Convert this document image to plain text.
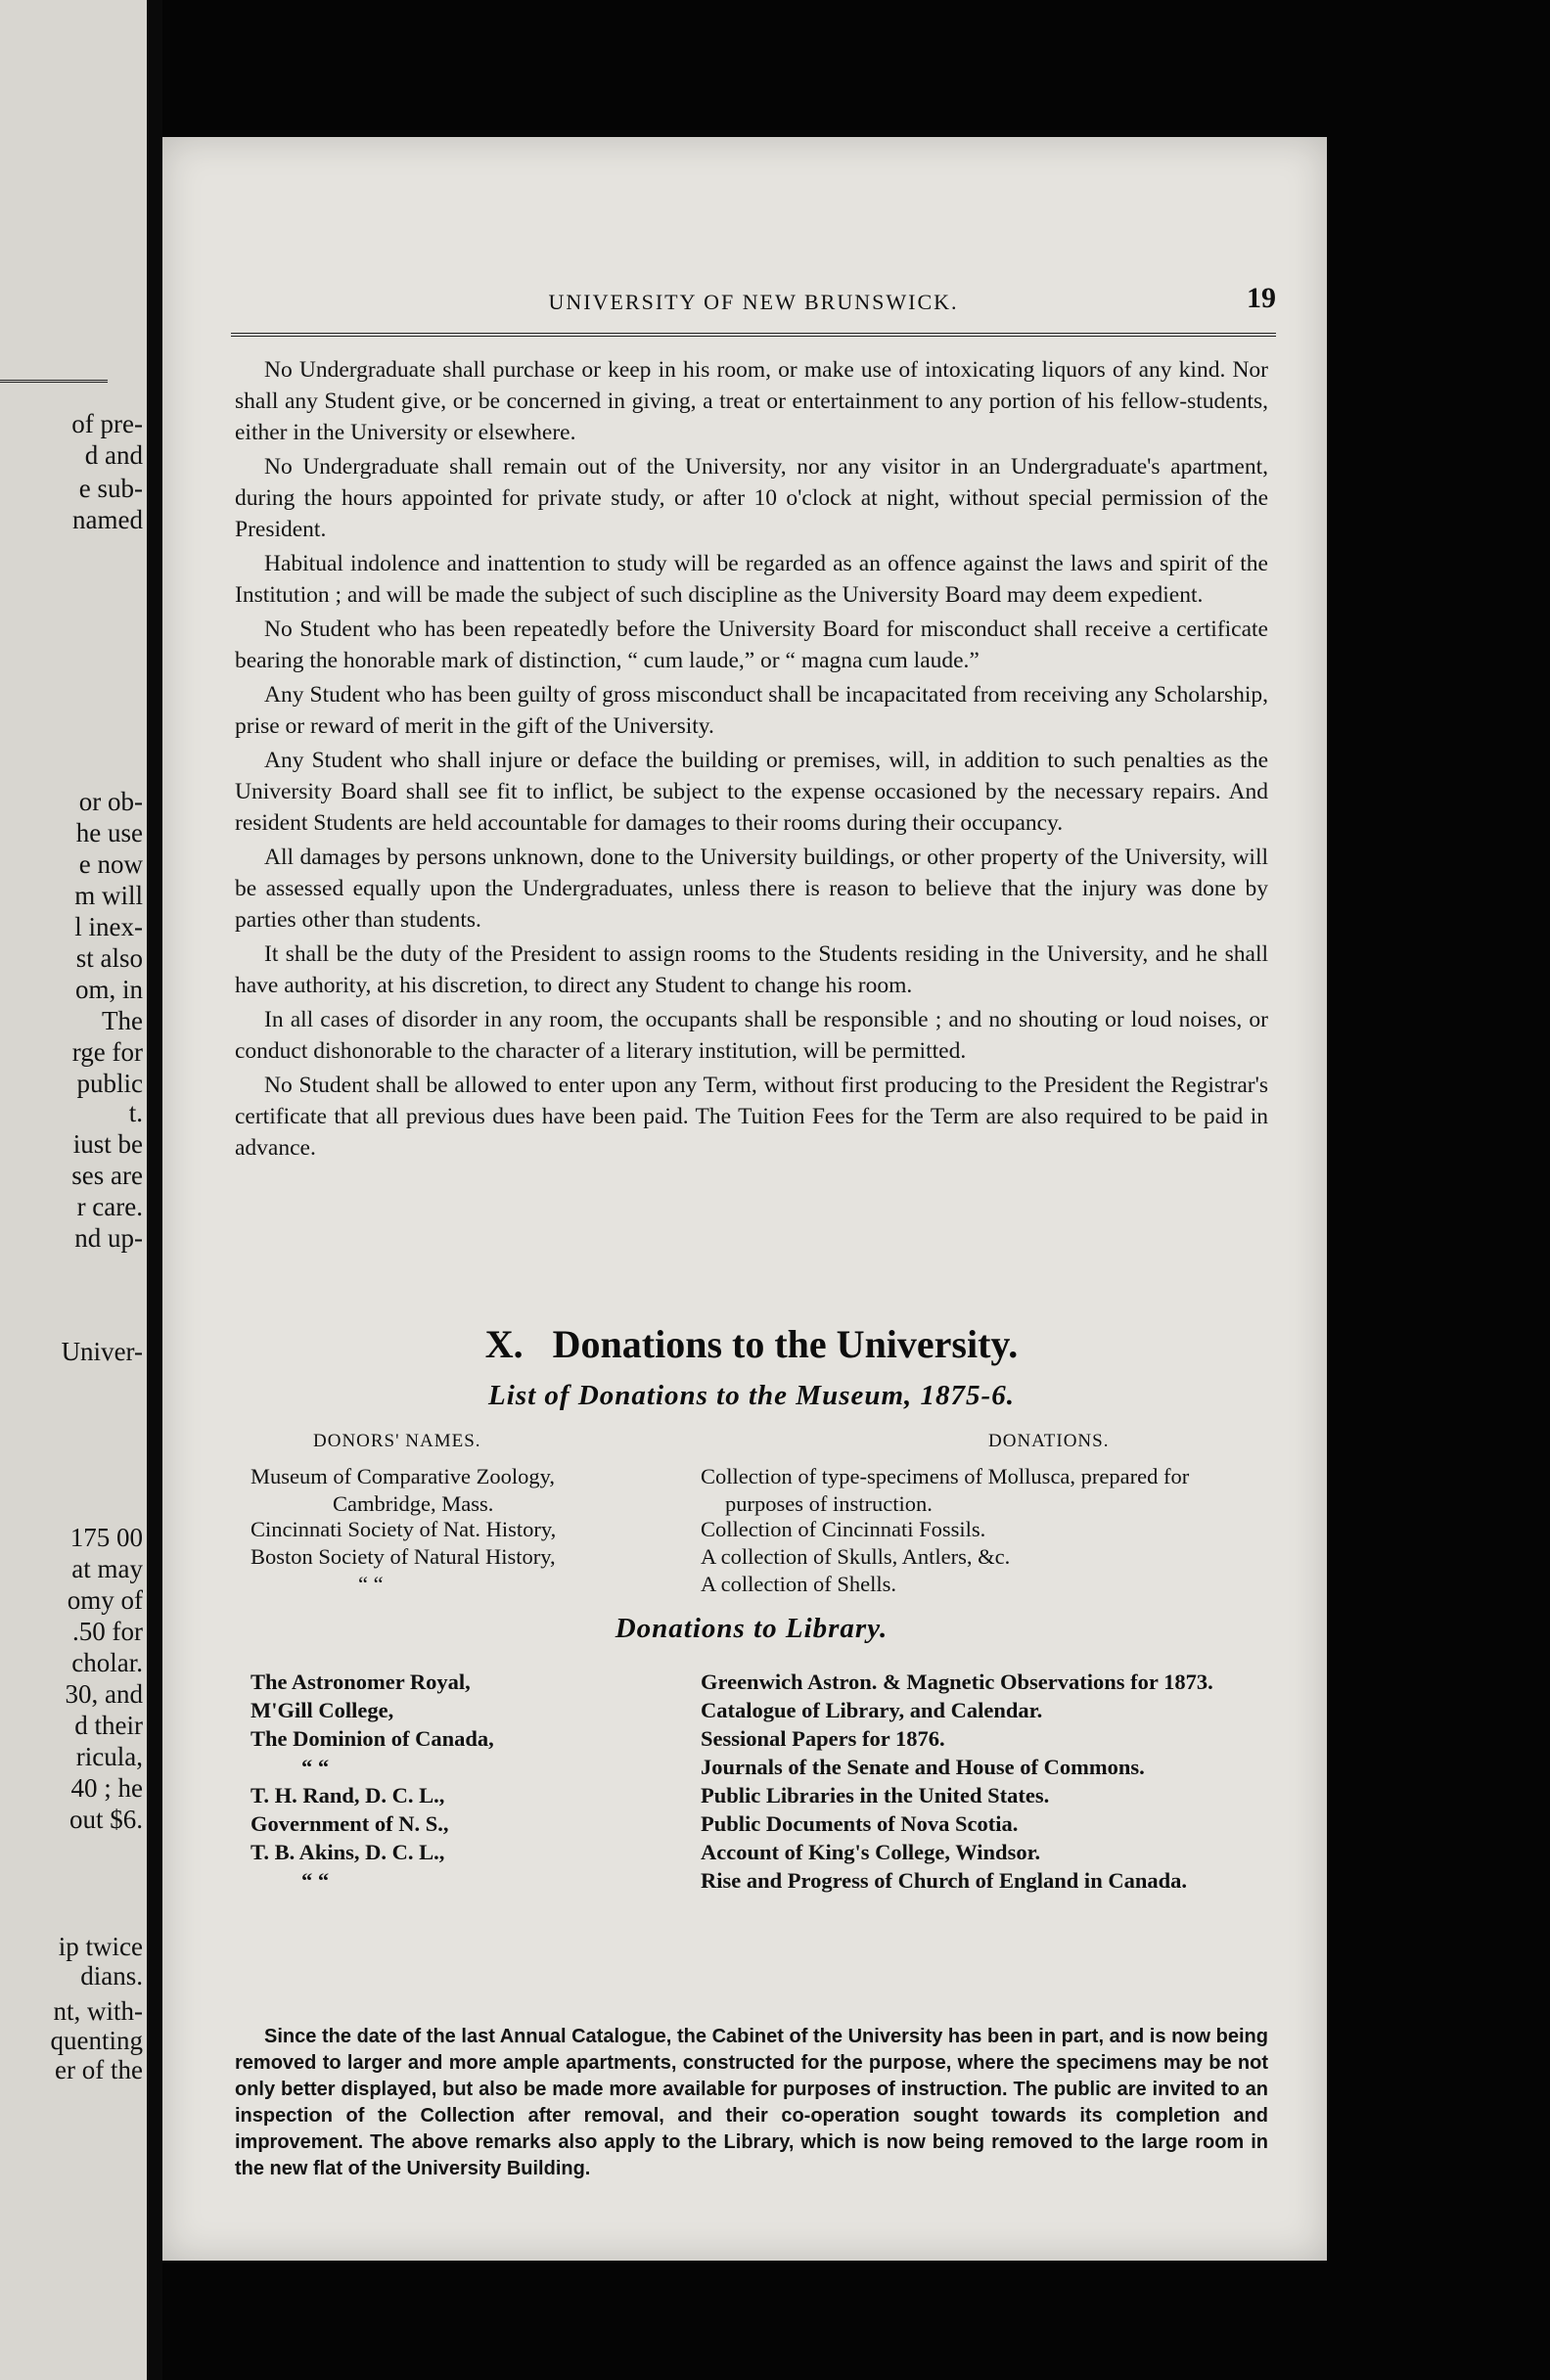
of pre-
d and
e sub-
named
or ob-
he use
e now
m will
l inex-
st also
om, in
The
rge for
public
t.
iust be
ses are
r care.
nd up-
Univer-
175 00
at may
omy of
.50 for
cholar.
30, and
d their
ricula,
40 ; he
out $6.
ip twice
dians.
nt, with-
quenting
er of the
UNIVERSITY OF NEW BRUNSWICK.	19

No Undergraduate shall purchase or keep in his room, or make use of intoxicating liquors of any kind. Nor shall any Student give, or be concerned in giving, a treat or entertainment to any portion of his fellow-students, either in the University or elsewhere.

No Undergraduate shall remain out of the University, nor any visitor in an Undergraduate's apartment, during the hours appointed for private study, or after 10 o'clock at night, without special permission of the President.

Habitual indolence and inattention to study will be regarded as an offence against the laws and spirit of the Institution ; and will be made the subject of such discipline as the University Board may deem expedient.

No Student who has been repeatedly before the University Board for misconduct shall receive a certificate bearing the honorable mark of distinction, “ cum laude,” or “ magna cum laude.”

Any Student who has been guilty of gross misconduct shall be incapacitated from receiving any Scholarship, prise or reward of merit in the gift of the University.

Any Student who shall injure or deface the building or premises, will, in addition to such penalties as the University Board shall see fit to inflict, be subject to the expense occasioned by the necessary repairs. And resident Students are held accountable for damages to their rooms during their occupancy.

All damages by persons unknown, done to the University buildings, or other property of the University, will be assessed equally upon the Undergraduates, unless there is reason to believe that the injury was done by parties other than students.

It shall be the duty of the President to assign rooms to the Students residing in the University, and he shall have authority, at his discretion, to direct any Student to change his room.

In all cases of disorder in any room, the occupants shall be responsible ; and no shouting or loud noises, or conduct dishonorable to the character of a literary institution, will be permitted.

No Student shall be allowed to enter upon any Term, without first producing to the President the Registrar's certificate that all previous dues have been paid. The Tuition Fees for the Term are also required to be paid in advance.

X. Donations to the University.
List of Donations to the Museum, 1875-6.
DONORS' NAMES.	DONATIONS.
Museum of Comparative Zoology,	Collection of type-specimens of Mollusca, prepared for
Cambridge, Mass.	purposes of instruction.
Cincinnati Society of Nat. History,	Collection of Cincinnati Fossils.
Boston Society of Natural History,	A collection of Skulls, Antlers, &c.
“ “	A collection of Shells.
Donations to Library.
The Astronomer Royal,	Greenwich Astron. & Magnetic Observations for 1873.
M'Gill College,	Catalogue of Library, and Calendar.
The Dominion of Canada,	Sessional Papers for 1876.
“ “	Journals of the Senate and House of Commons.
T. H. Rand, D. C. L.,	Public Libraries in the United States.
Government of N. S.,	Public Documents of Nova Scotia.
T. B. Akins, D. C. L.,	Account of King's College, Windsor.
“ “	Rise and Progress of Church of England in Canada.
Since the date of the last Annual Catalogue, the Cabinet of the University has been in part, and is now being removed to larger and more ample apartments, constructed for the purpose, where the specimens may be not only better displayed, but also be made more available for purposes of instruction. The public are invited to an inspection of the Collection after removal, and their co-operation sought towards its completion and improvement. The above remarks also apply to the Library, which is now being removed to the large room in the new flat of the University Building.
